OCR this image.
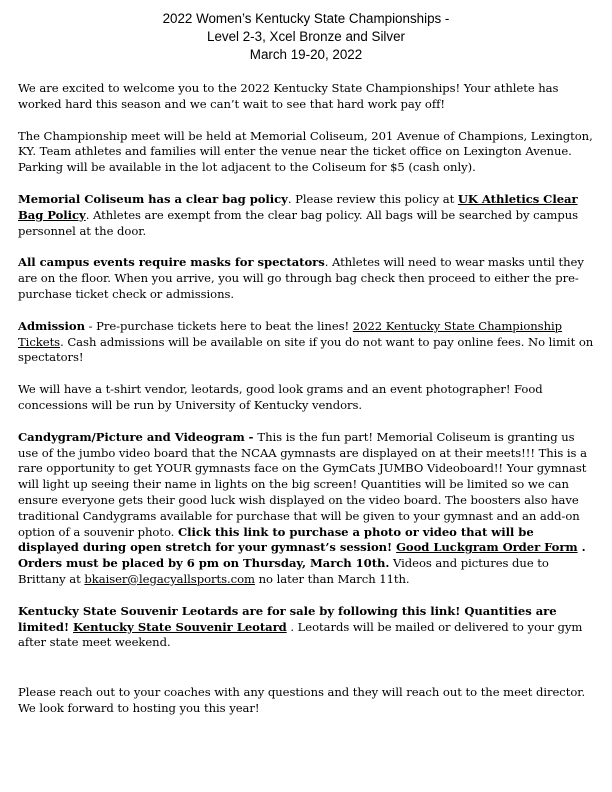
2022 Women’s Kentucky State Championships -
Level 2-3, Xcel Bronze and Silver
March 19-20, 2022

We are excited to welcome you to the 2022 Kentucky State Championships! Your athlete has worked hard this season and we can’t wait to see that hard work pay off!

The Championship meet will be held at Memorial Coliseum, 201 Avenue of Champions, Lexington, KY. Team athletes and families will enter the venue near the ticket office on Lexington Avenue. Parking will be available in the lot adjacent to the Coliseum for $5 (cash only).

Memorial Coliseum has a clear bag policy. Please review this policy at UK Athletics Clear Bag Policy. Athletes are exempt from the clear bag policy. All bags will be searched by campus personnel at the door.

All campus events require masks for spectators. Athletes will need to wear masks until they are on the floor. When you arrive, you will go through bag check then proceed to either the pre-purchase ticket check or admissions.

Admission - Pre-purchase tickets here to beat the lines! 2022 Kentucky State Championship Tickets. Cash admissions will be available on site if you do not want to pay online fees. No limit on spectators!

We will have a t-shirt vendor, leotards, good look grams and an event photographer! Food concessions will be run by University of Kentucky vendors.

Candygram/Picture and Videogram - This is the fun part! Memorial Coliseum is granting us use of the jumbo video board that the NCAA gymnasts are displayed on at their meets!!! This is a rare opportunity to get YOUR gymnasts face on the GymCats JUMBO Videoboard!! Your gymnast will light up seeing their name in lights on the big screen! Quantities will be limited so we can ensure everyone gets their good luck wish displayed on the video board. The boosters also have traditional Candygrams available for purchase that will be given to your gymnast and an add-on option of a souvenir photo. Click this link to purchase a photo or video that will be displayed during open stretch for your gymnast’s session! Good Luckgram Order Form . Orders must be placed by 6 pm on Thursday, March 10th. Videos and pictures due to Brittany at bkaiser@legacyallsports.com no later than March 11th.

Kentucky State Souvenir Leotards are for sale by following this link! Quantities are limited! Kentucky State Souvenir Leotard . Leotards will be mailed or delivered to your gym after state meet weekend.

Please reach out to your coaches with any questions and they will reach out to the meet director. We look forward to hosting you this year!
